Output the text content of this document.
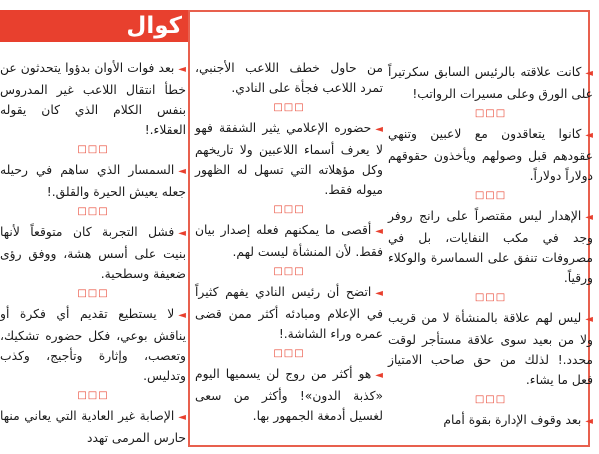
كوال

◄كانت علاقته بالرئيس السابق سكرتيراً على الورق وعلى مسيرات الرواتب!

□□□

◄كانوا يتعاقدون مع لاعبين وتنهي عقودهم قبل وصولهم ويأخذون حقوقهم دولاراً دولاراً.

□□□

◄الإهدار ليس مقتصراً على رانج روفر وجد في مكب النفايات، بل في مصروفات تنفق على السماسرة والوكلاء ورقياً.

□□□

◄ليس لهم علاقة بالمنشأة لا من قريب ولا من بعيد سوى علاقة مستأجر لوقت محدد.! لذلك من حق صاحب الامتياز فعل ما يشاء.

□□□

◄بعد وقوف الإدارة بقوة أمام

من حاول خطف اللاعب الأجنبي، تمرد اللاعب فجأة على النادي.

□□□

◄حضوره الإعلامي يثير الشفقة فهو لا يعرف أسماء اللاعبين ولا تاريخهم وكل مؤهلاته التي تسهل له الظهور ميوله فقط.

□□□

◄أقصى ما يمكنهم فعله إصدار بيان فقط. لأن المنشأة ليست لهم.

□□□

◄اتضح أن رئيس النادي يفهم كثيراً في الإعلام ومبادئه أكثر ممن قضى عمره وراء الشاشة.!

□□□

◄هو أكثر من روج لن يسميها اليوم «كذبة الدون»! وأكثر من سعى لغسيل أدمغة الجمهور بها.

◄بعد فوات الأوان بدؤوا يتحدثون عن خطأ انتقال اللاعب غير المدروس بنفس الكلام الذي كان يقوله العقلاء.!

□□□

◄السمسار الذي ساهم في رحيله جعله يعيش الحيرة والقلق.!

□□□

◄فشل التجربة كان متوقعاً لأنها بنيت على أسس هشة، ووفق رؤى ضعيفة وسطحية.

□□□

◄لا يستطيع تقديم أي فكرة أو يناقش بوعي، فكل حضوره تشكيك، وتعصب، وإثارة وتأجيج، وكذب وتدليس.

□□□

◄الإصابة غير العادية التي يعاني منها حارس المرمى تهدد
